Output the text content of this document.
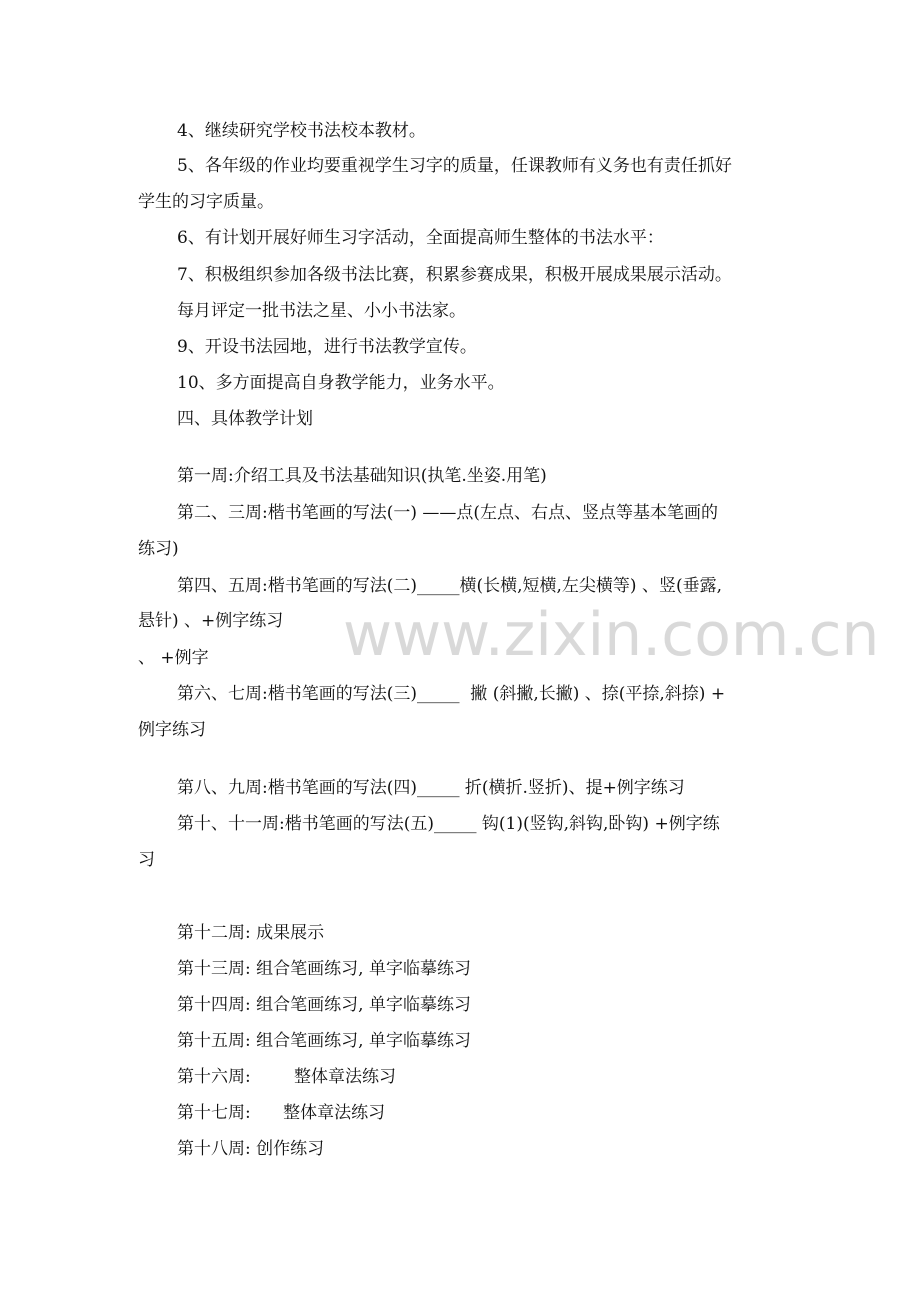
www.zixin.com.cn
4、继续研究学校书法校本教材。
5、各年级的作业均要重视学生习字的质量，任课教师有义务也有责任抓好
学生的习字质量。
6、有计划开展好师生习字活动，全面提高师生整体的书法水平：
7、积极组织参加各级书法比赛，积累参赛成果，积极开展成果展示活动。
每月评定一批书法之星、小小书法家。
9、开设书法园地，进行书法教学宣传。
10、多方面提高自身教学能力，业务水平。
四、具体教学计划
第一周:介绍工具及书法基础知识(执笔.坐姿.用笔)
第二、三周:楷书笔画的写法(一) ——点(左点、右点、竖点等基本笔画的
练习)
第四、五周:楷书笔画的写法(二)_____横(长横,短横,左尖横等) 、竖(垂露,
悬针) 、+例字练习
、 +例字
第六、七周:楷书笔画的写法(三)_____  撇 (斜撇,长撇) 、捺(平捺,斜捺) +
例字练习
第八、九周:楷书笔画的写法(四)_____ 折(横折.竖折)、提+例字练习
第十、十一周:楷书笔画的写法(五)_____ 钩(1)(竖钩,斜钩,卧钩) +例字练
习
第十二周: 成果展示
第十三周: 组合笔画练习, 单字临摹练习
第十四周: 组合笔画练习, 单字临摹练习
第十五周: 组合笔画练习, 单字临摹练习
第十六周:        整体章法练习
第十七周:      整体章法练习
第十八周: 创作练习
